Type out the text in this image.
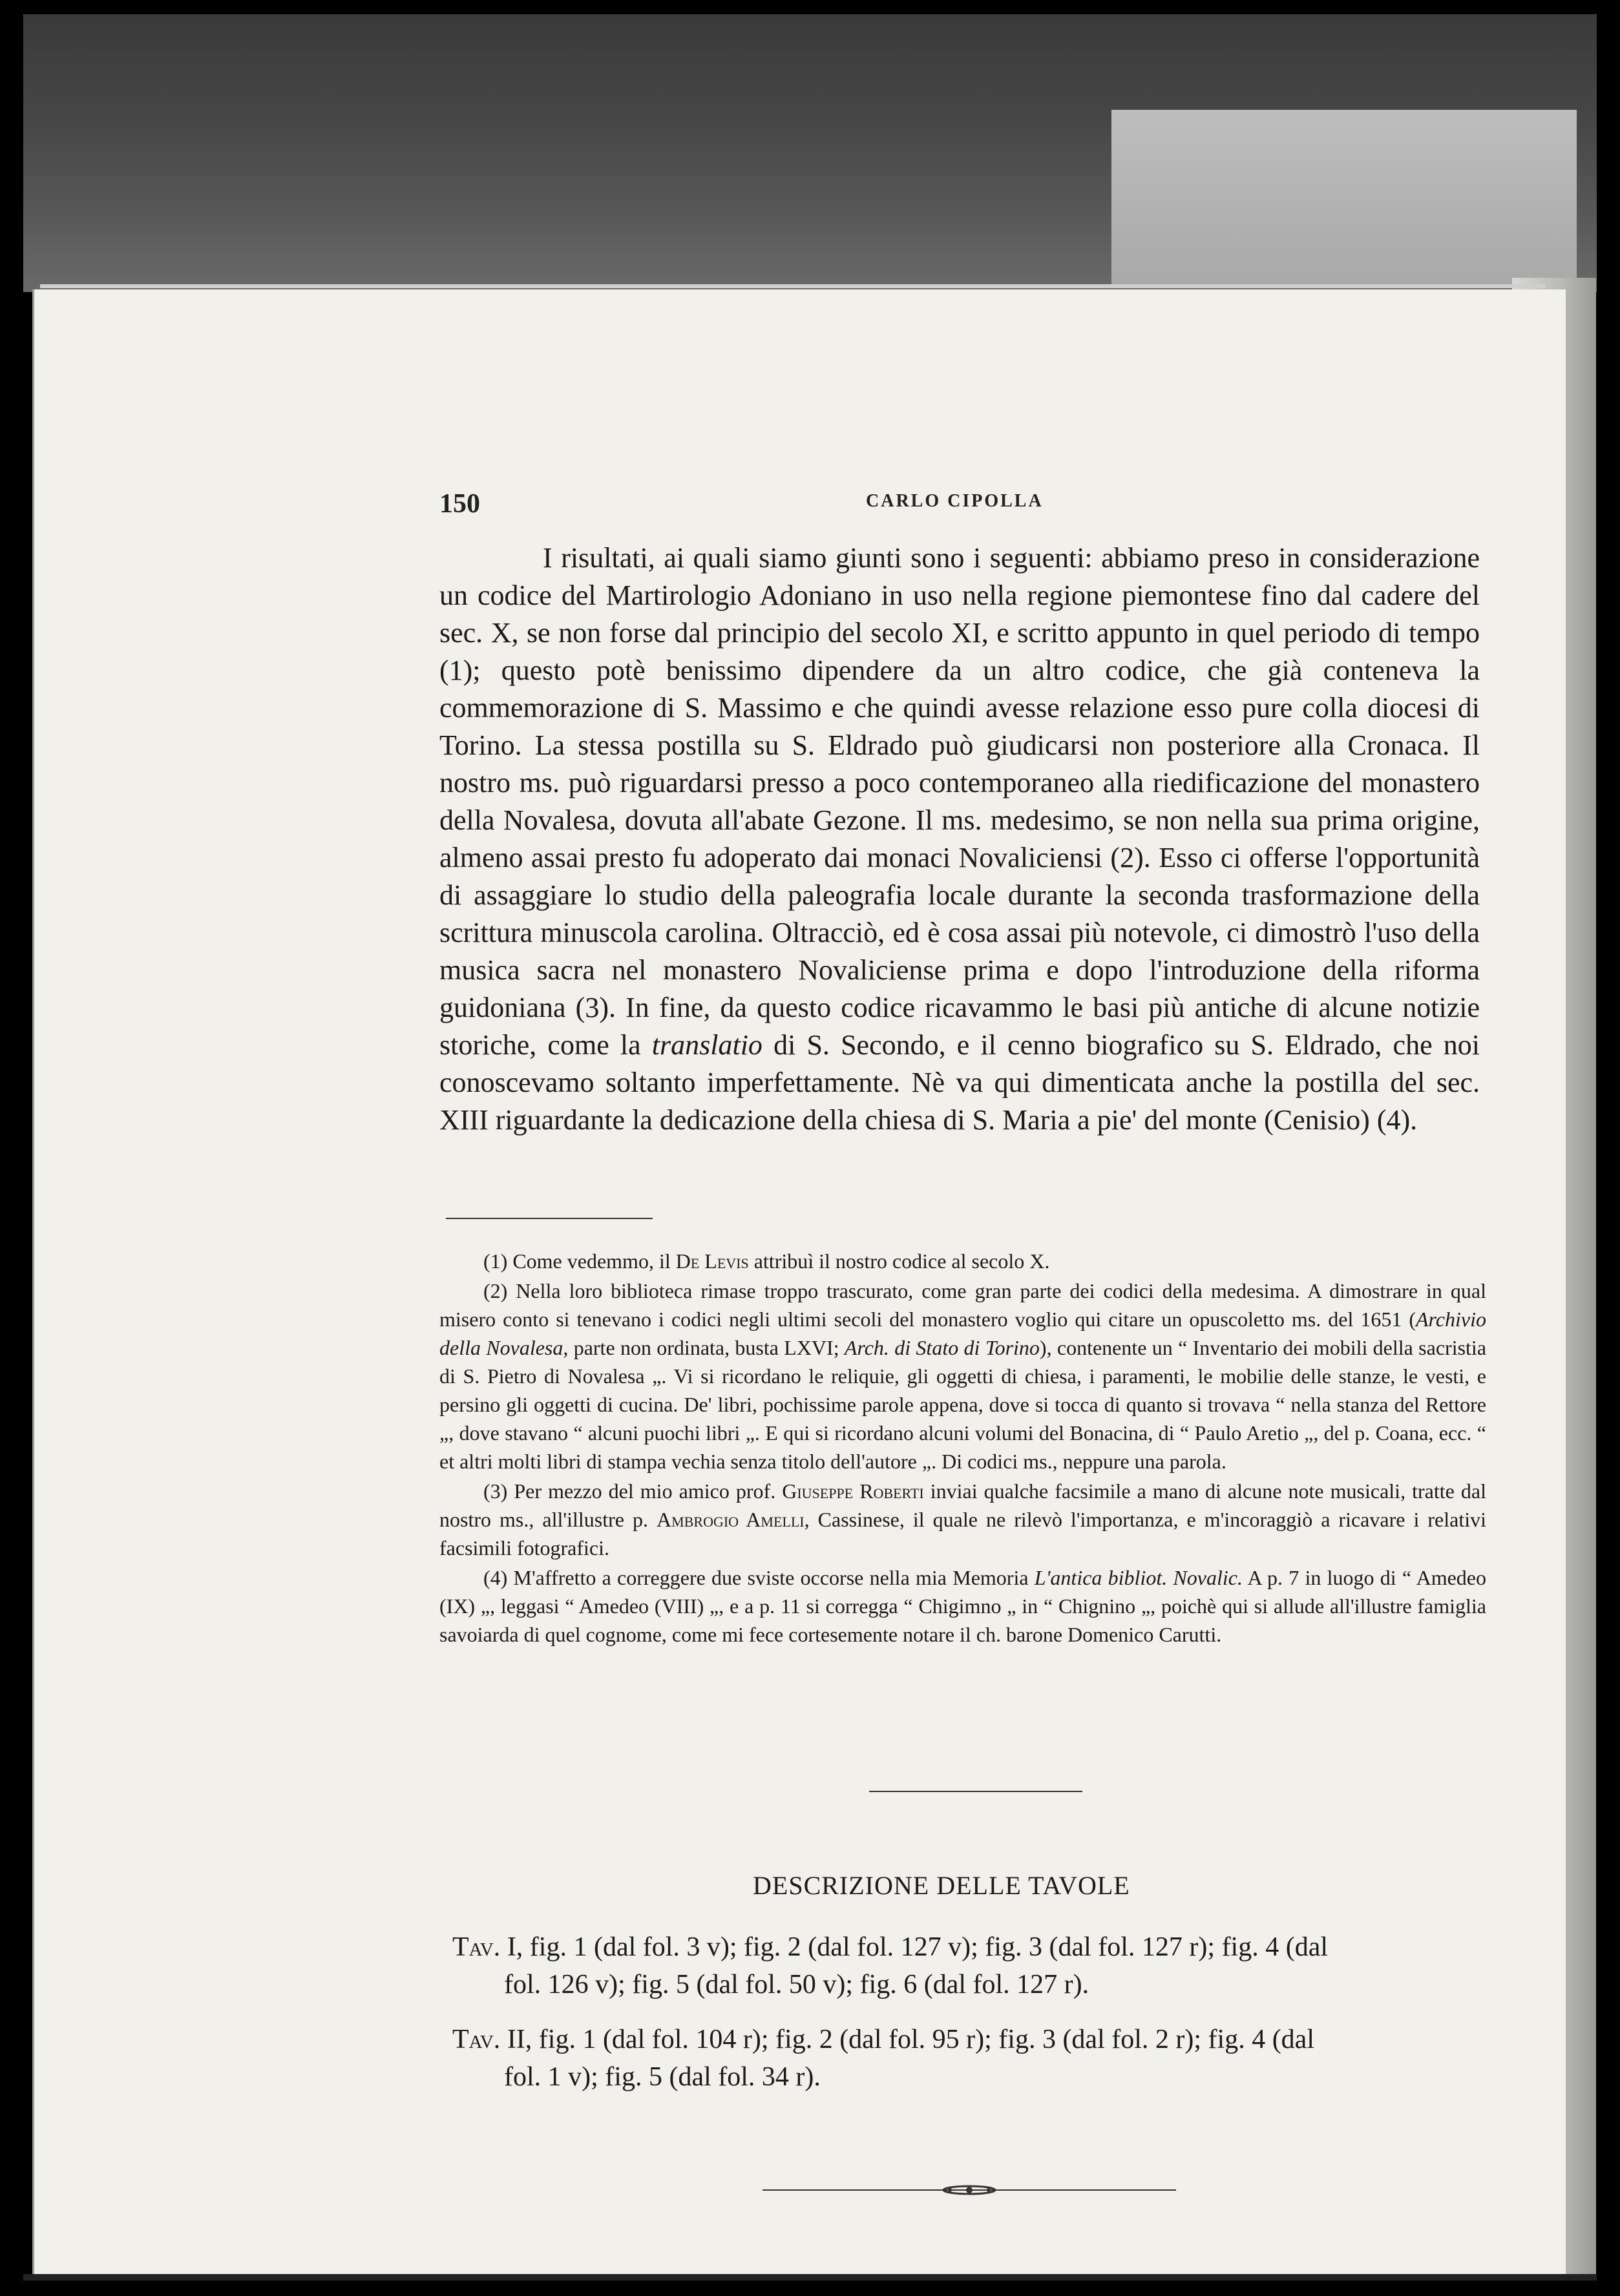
150	CARLO CIPOLLA

I risultati, ai quali siamo giunti sono i seguenti: abbiamo preso in considerazione un codice del Martirologio Adoniano in uso nella regione piemontese fino dal cadere del sec. X, se non forse dal principio del secolo XI, e scritto appunto in quel periodo di tempo (1); questo potè benissimo dipendere da un altro codice, che già conteneva la commemorazione di S. Massimo e che quindi avesse relazione esso pure colla diocesi di Torino. La stessa postilla su S. Eldrado può giudicarsi non posteriore alla Cronaca. Il nostro ms. può riguardarsi presso a poco contemporaneo alla riedificazione del monastero della Novalesa, dovuta all'abate Gezone. Il ms. medesimo, se non nella sua prima origine, almeno assai presto fu adoperato dai monaci Novaliciensi (2). Esso ci offerse l'opportunità di assaggiare lo studio della paleografia locale durante la seconda trasformazione della scrittura minuscola carolina. Oltracciò, ed è cosa assai più notevole, ci dimostrò l'uso della musica sacra nel monastero Novaliciense prima e dopo l'introduzione della riforma guidoniana (3). In fine, da questo codice ricavammo le basi più antiche di alcune notizie storiche, come la translatio di S. Secondo, e il cenno biografico su S. Eldrado, che noi conoscevamo soltanto imperfettamente. Nè va qui dimenticata anche la postilla del sec. XIII riguardante la dedicazione della chiesa di S. Maria a pie' del monte (Cenisio) (4).

(1) Come vedemmo, il De Levis attribuì il nostro codice al secolo X.

(2) Nella loro biblioteca rimase troppo trascurato, come gran parte dei codici della medesima. A dimostrare in qual misero conto si tenevano i codici negli ultimi secoli del monastero voglio qui citare un opuscoletto ms. del 1651 (Archivio della Novalesa, parte non ordinata, busta LXVI; Arch. di Stato di Torino), contenente un “ Inventario dei mobili della sacristia di S. Pietro di Novalesa „. Vi si ricordano le reliquie, gli oggetti di chiesa, i paramenti, le mobilie delle stanze, le vesti, e persino gli oggetti di cucina. De' libri, pochissime parole appena, dove si tocca di quanto si trovava “ nella stanza del Rettore „, dove stavano “ alcuni puochi libri „. E qui si ricordano alcuni volumi del Bonacina, di “ Paulo Aretio „, del p. Coana, ecc. “ et altri molti libri di stampa vechia senza titolo dell'autore „. Di codici ms., neppure una parola.

(3) Per mezzo del mio amico prof. Giuseppe Roberti inviai qualche facsimile a mano di alcune note musicali, tratte dal nostro ms., all'illustre p. Ambrogio Amelli, Cassinese, il quale ne rilevò l'importanza, e m'incoraggiò a ricavare i relativi facsimili fotografici.

(4) M'affretto a correggere due sviste occorse nella mia Memoria L'antica bibliot. Novalic. A p. 7 in luogo di “ Amedeo (IX) „, leggasi “ Amedeo (VIII) „, e a p. 11 si corregga “ Chigimno „ in “ Chignino „, poichè qui si allude all'illustre famiglia savoiarda di quel cognome, come mi fece cortesemente notare il ch. barone Domenico Carutti.

DESCRIZIONE DELLE TAVOLE
Tav. I, fig. 1 (dal fol. 3 v); fig. 2 (dal fol. 127 v); fig. 3 (dal fol. 127 r); fig. 4 (dal
fol. 126 v); fig. 5 (dal fol. 50 v); fig. 6 (dal fol. 127 r).
Tav. II, fig. 1 (dal fol. 104 r); fig. 2 (dal fol. 95 r); fig. 3 (dal fol. 2 r); fig. 4 (dal
fol. 1 v); fig. 5 (dal fol. 34 r).
